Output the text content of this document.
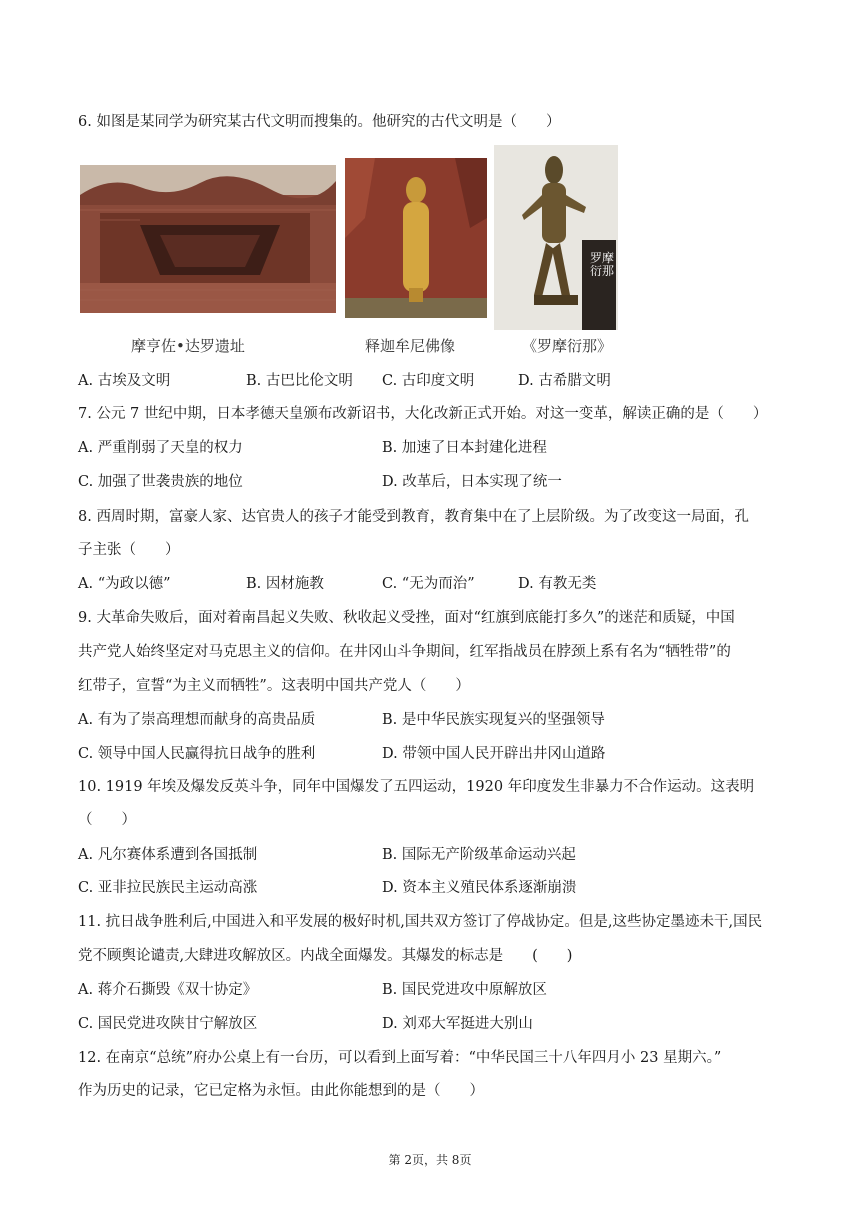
6. 如图是某同学为研究某古代文明而搜集的。他研究的古代文明是（　　）
罗摩衍那
摩亨佐•达罗遗址	释迦牟尼佛像	《罗摩衍那》
A. 古埃及文明	B. 古巴比伦文明 C. 古印度文明	D. 古希腊文明
7. 公元 7 世纪中期，日本孝德天皇颁布改新诏书，大化改新正式开始。对这一变革，解读正确的是（　　）
A. 严重削弱了天皇的权力	B. 加速了日本封建化进程
C. 加强了世袭贵族的地位	D. 改革后，日本实现了统一
8. 西周时期，富豪人家、达官贵人的孩子才能受到教育，教育集中在了上层阶级。为了改变这一局面，孔
子主张（　　）
A. “为政以德”	B. 因材施教	C. “无为而治”	D. 有教无类
9. 大革命失败后，面对着南昌起义失败、秋收起义受挫，面对“红旗到底能打多久”的迷茫和质疑，中国
共产党人始终坚定对马克思主义的信仰。在井冈山斗争期间，红军指战员在脖颈上系有名为“牺牲带”的
红带子，宣誓“为主义而牺牲”。这表明中国共产党人（　　）
A. 有为了崇高理想而献身的高贵品质	B. 是中华民族实现复兴的坚强领导
C. 领导中国人民赢得抗日战争的胜利	D. 带领中国人民开辟出井冈山道路
10. 1919 年埃及爆发反英斗争，同年中国爆发了五四运动，1920 年印度发生非暴力不合作运动。这表明
（　　）
A. 凡尔赛体系遭到各国抵制	B. 国际无产阶级革命运动兴起
C. 亚非拉民族民主运动高涨	D. 资本主义殖民体系逐渐崩溃
11. 抗日战争胜利后,中国进入和平发展的极好时机,国共双方签订了停战协定。但是,这些协定墨迹未干,国民
党不顾舆论谴责,大肆进攻解放区。内战全面爆发。其爆发的标志是　　(　　)
A. 蒋介石撕毁《双十协定》	B. 国民党进攻中原解放区
C. 国民党进攻陕甘宁解放区	D. 刘邓大军挺进大别山
12. 在南京“总统”府办公桌上有一台历，可以看到上面写着：“中华民国三十八年四月小 23 星期六。”
作为历史的记录，它已定格为永恒。由此你能想到的是（　　）
第 2页，共 8页
